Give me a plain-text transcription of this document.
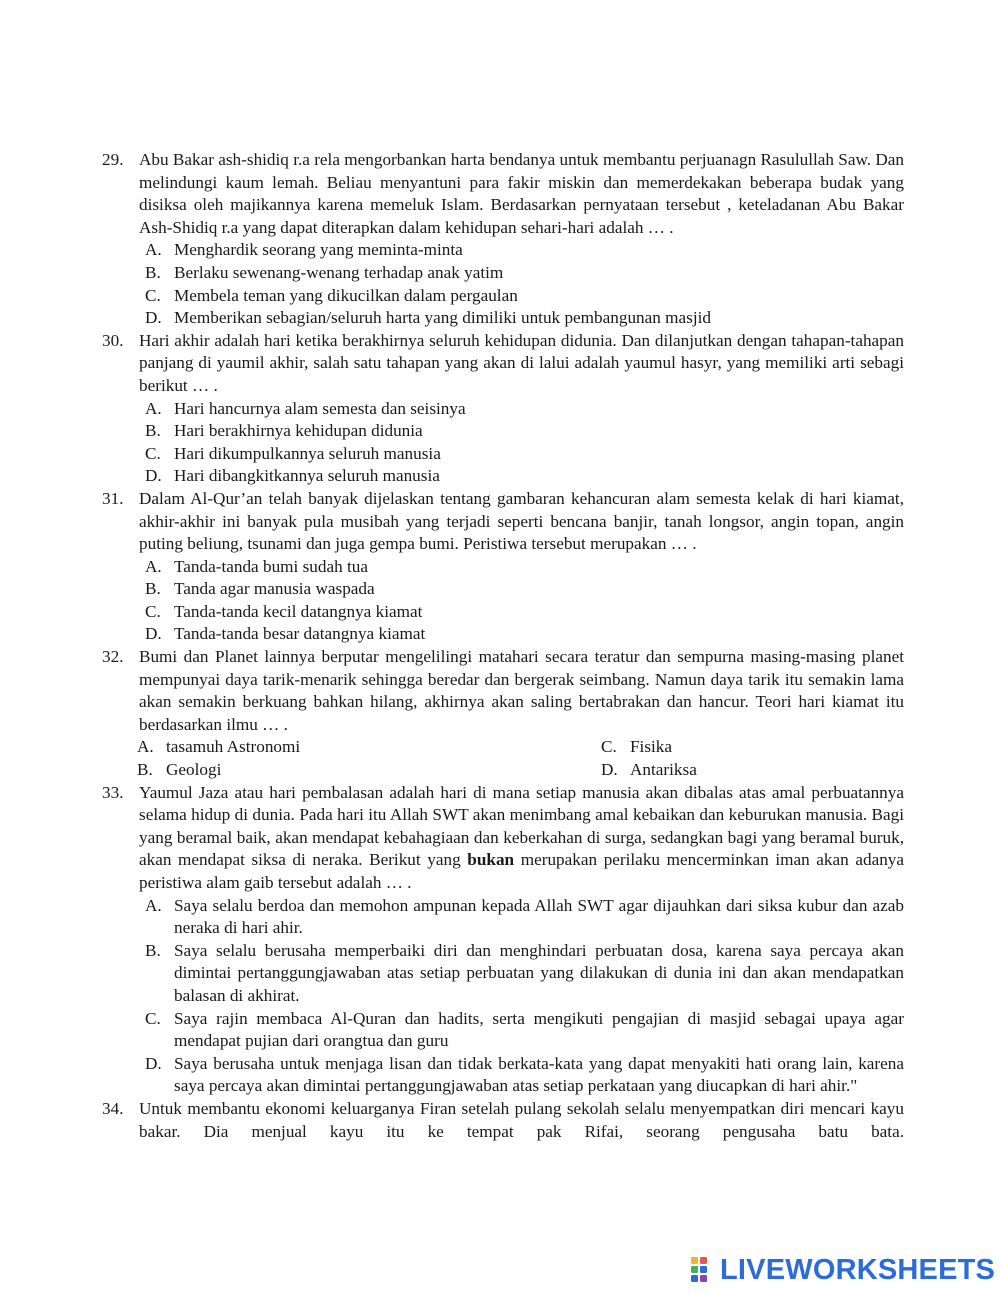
29. Abu Bakar ash-shidiq r.a rela mengorbankan harta bendanya untuk membantu perjuanagn Rasulullah Saw. Dan melindungi kaum lemah. Beliau menyantuni para fakir miskin dan memerdekakan beberapa budak yang disiksa oleh majikannya karena memeluk Islam. Berdasarkan pernyataan tersebut , keteladanan Abu Bakar Ash-Shidiq r.a yang dapat diterapkan dalam kehidupan sehari-hari adalah … .
A. Menghardik seorang yang meminta-minta
B. Berlaku sewenang-wenang terhadap anak yatim
C. Membela teman yang dikucilkan dalam pergaulan
D. Memberikan sebagian/seluruh harta yang dimiliki untuk pembangunan masjid
30. Hari akhir adalah hari ketika berakhirnya seluruh kehidupan didunia. Dan dilanjutkan dengan tahapan-tahapan panjang di yaumil akhir, salah satu tahapan yang akan di lalui adalah yaumul hasyr, yang memiliki arti sebagi berikut … .
A. Hari hancurnya alam semesta dan seisinya
B. Hari berakhirnya kehidupan didunia
C. Hari dikumpulkannya seluruh manusia
D. Hari dibangkitkannya seluruh manusia
31. Dalam Al-Qur’an telah banyak dijelaskan tentang gambaran kehancuran alam semesta kelak di hari kiamat, akhir-akhir ini banyak pula musibah yang terjadi seperti bencana banjir, tanah longsor, angin topan, angin puting beliung, tsunami dan juga gempa bumi. Peristiwa tersebut merupakan … .
A. Tanda-tanda bumi sudah tua
B. Tanda agar manusia waspada
C. Tanda-tanda kecil datangnya kiamat
D. Tanda-tanda besar datangnya kiamat
32. Bumi dan Planet lainnya berputar mengelilingi matahari secara teratur dan sempurna masing-masing planet mempunyai daya tarik-menarik sehingga beredar dan bergerak seimbang. Namun daya tarik itu semakin lama akan semakin berkuang bahkan hilang, akhirnya akan saling bertabrakan dan hancur. Teori hari kiamat itu berdasarkan ilmu … .
A. tasamuh Astronomi	C. Fisika
B. Geologi	D. Antariksa
33. Yaumul Jaza atau hari pembalasan adalah hari di mana setiap manusia akan dibalas atas amal perbuatannya selama hidup di dunia. Pada hari itu Allah SWT akan menimbang amal kebaikan dan keburukan manusia. Bagi yang beramal baik, akan mendapat kebahagiaan dan keberkahan di surga, sedangkan bagi yang beramal buruk, akan mendapat siksa di neraka. Berikut yang bukan merupakan perilaku mencerminkan iman akan adanya peristiwa alam gaib tersebut adalah … .
A. Saya selalu berdoa dan memohon ampunan kepada Allah SWT agar dijauhkan dari siksa kubur dan azab neraka di hari ahir.
B. Saya selalu berusaha memperbaiki diri dan menghindari perbuatan dosa, karena saya percaya akan dimintai pertanggungjawaban atas setiap perbuatan yang dilakukan di dunia ini dan akan mendapatkan balasan di akhirat.
C. Saya rajin membaca Al-Quran dan hadits, serta mengikuti pengajian di masjid sebagai upaya agar mendapat pujian dari orangtua dan guru
D. Saya berusaha untuk menjaga lisan dan tidak berkata-kata yang dapat menyakiti hati orang lain, karena saya percaya akan dimintai pertanggungjawaban atas setiap perkataan yang diucapkan di hari ahir."
34. Untuk membantu ekonomi keluarganya Firan setelah pulang sekolah selalu menyempatkan diri mencari kayu bakar. Dia menjual kayu itu ke tempat pak Rifai, seorang pengusaha batu bata.
LIVEWORKSHEETS
